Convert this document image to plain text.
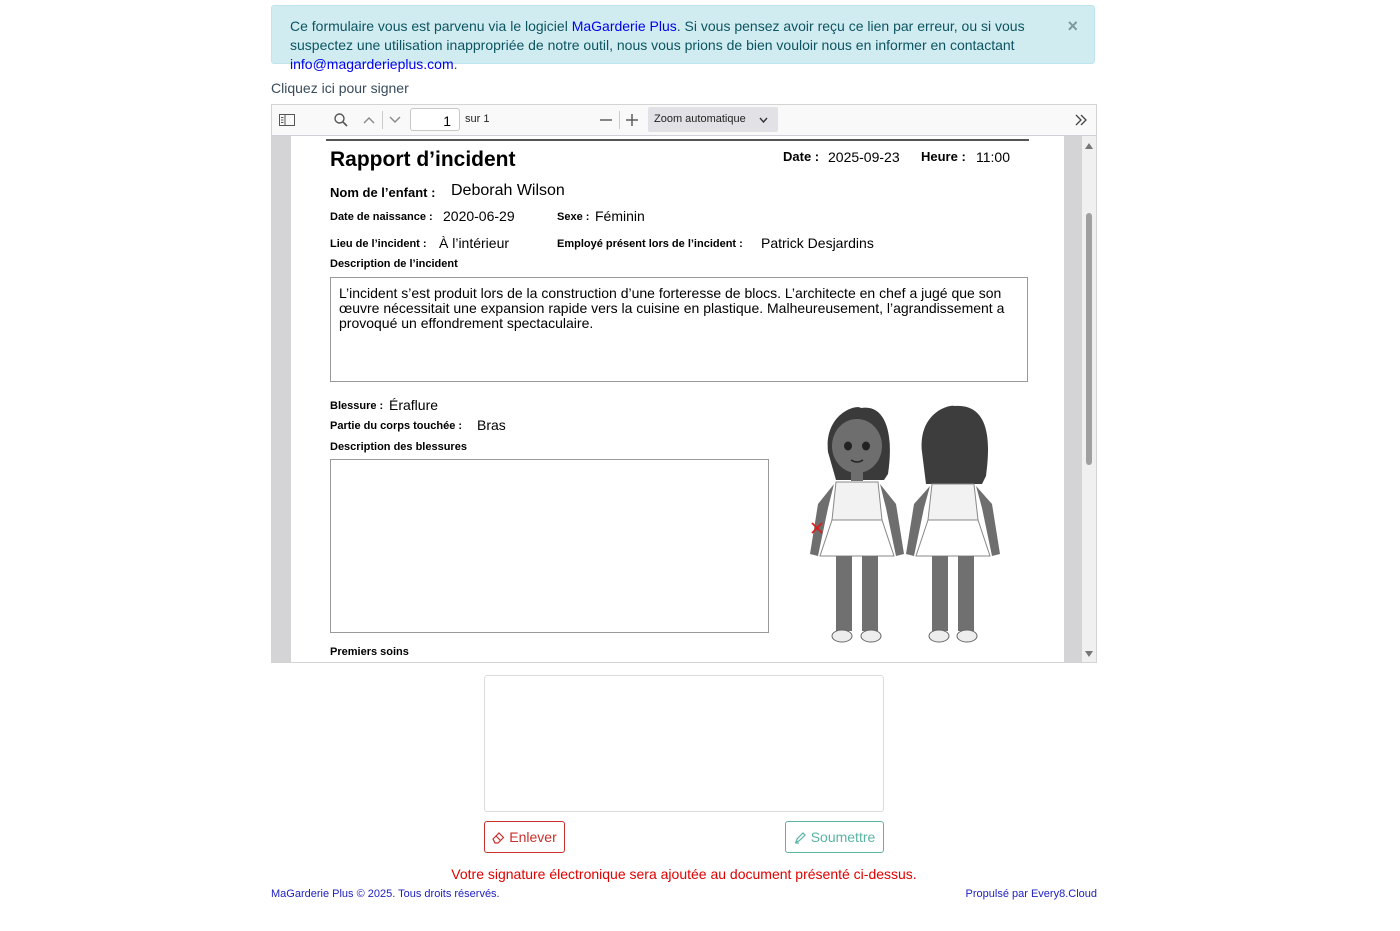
Ce formulaire vous est parvenu via le logiciel MaGarderie Plus. Si vous pensez avoir reçu ce lien par erreur, ou si vous suspectez une utilisation inappropriée de notre outil, nous vous prions de bien vouloir nous en informer en contactant info@magarderieplus.com.
×
Cliquez ici pour signer
1
sur 1	Zoom automatique
Rapport d’incident	Date : 2025-09-23 Heure : 11:00
Nom de l’enfant : Deborah Wilson
Date de naissance : 2020-06-29	Sexe : Féminin
Lieu de l’incident : À l’intérieur	Employé présent lors de l’incident : Patrick Desjardins
Description de l’incident
L’incident s’est produit lors de la construction d’une forteresse de blocs. L’architecte en chef a jugé que son œuvre nécessitait une expansion rapide vers la cuisine en plastique. Malheureusement, l’agrandissement a provoqué un effondrement spectaculaire.
Blessure : Éraflure
Partie du corps touchée : Bras
Description des blessures
Premiers soins
Enlever	Soumettre
Votre signature électronique sera ajoutée au document présenté ci-dessus.
MaGarderie Plus © 2025. Tous droits réservés.	Propulsé par Every8.Cloud
